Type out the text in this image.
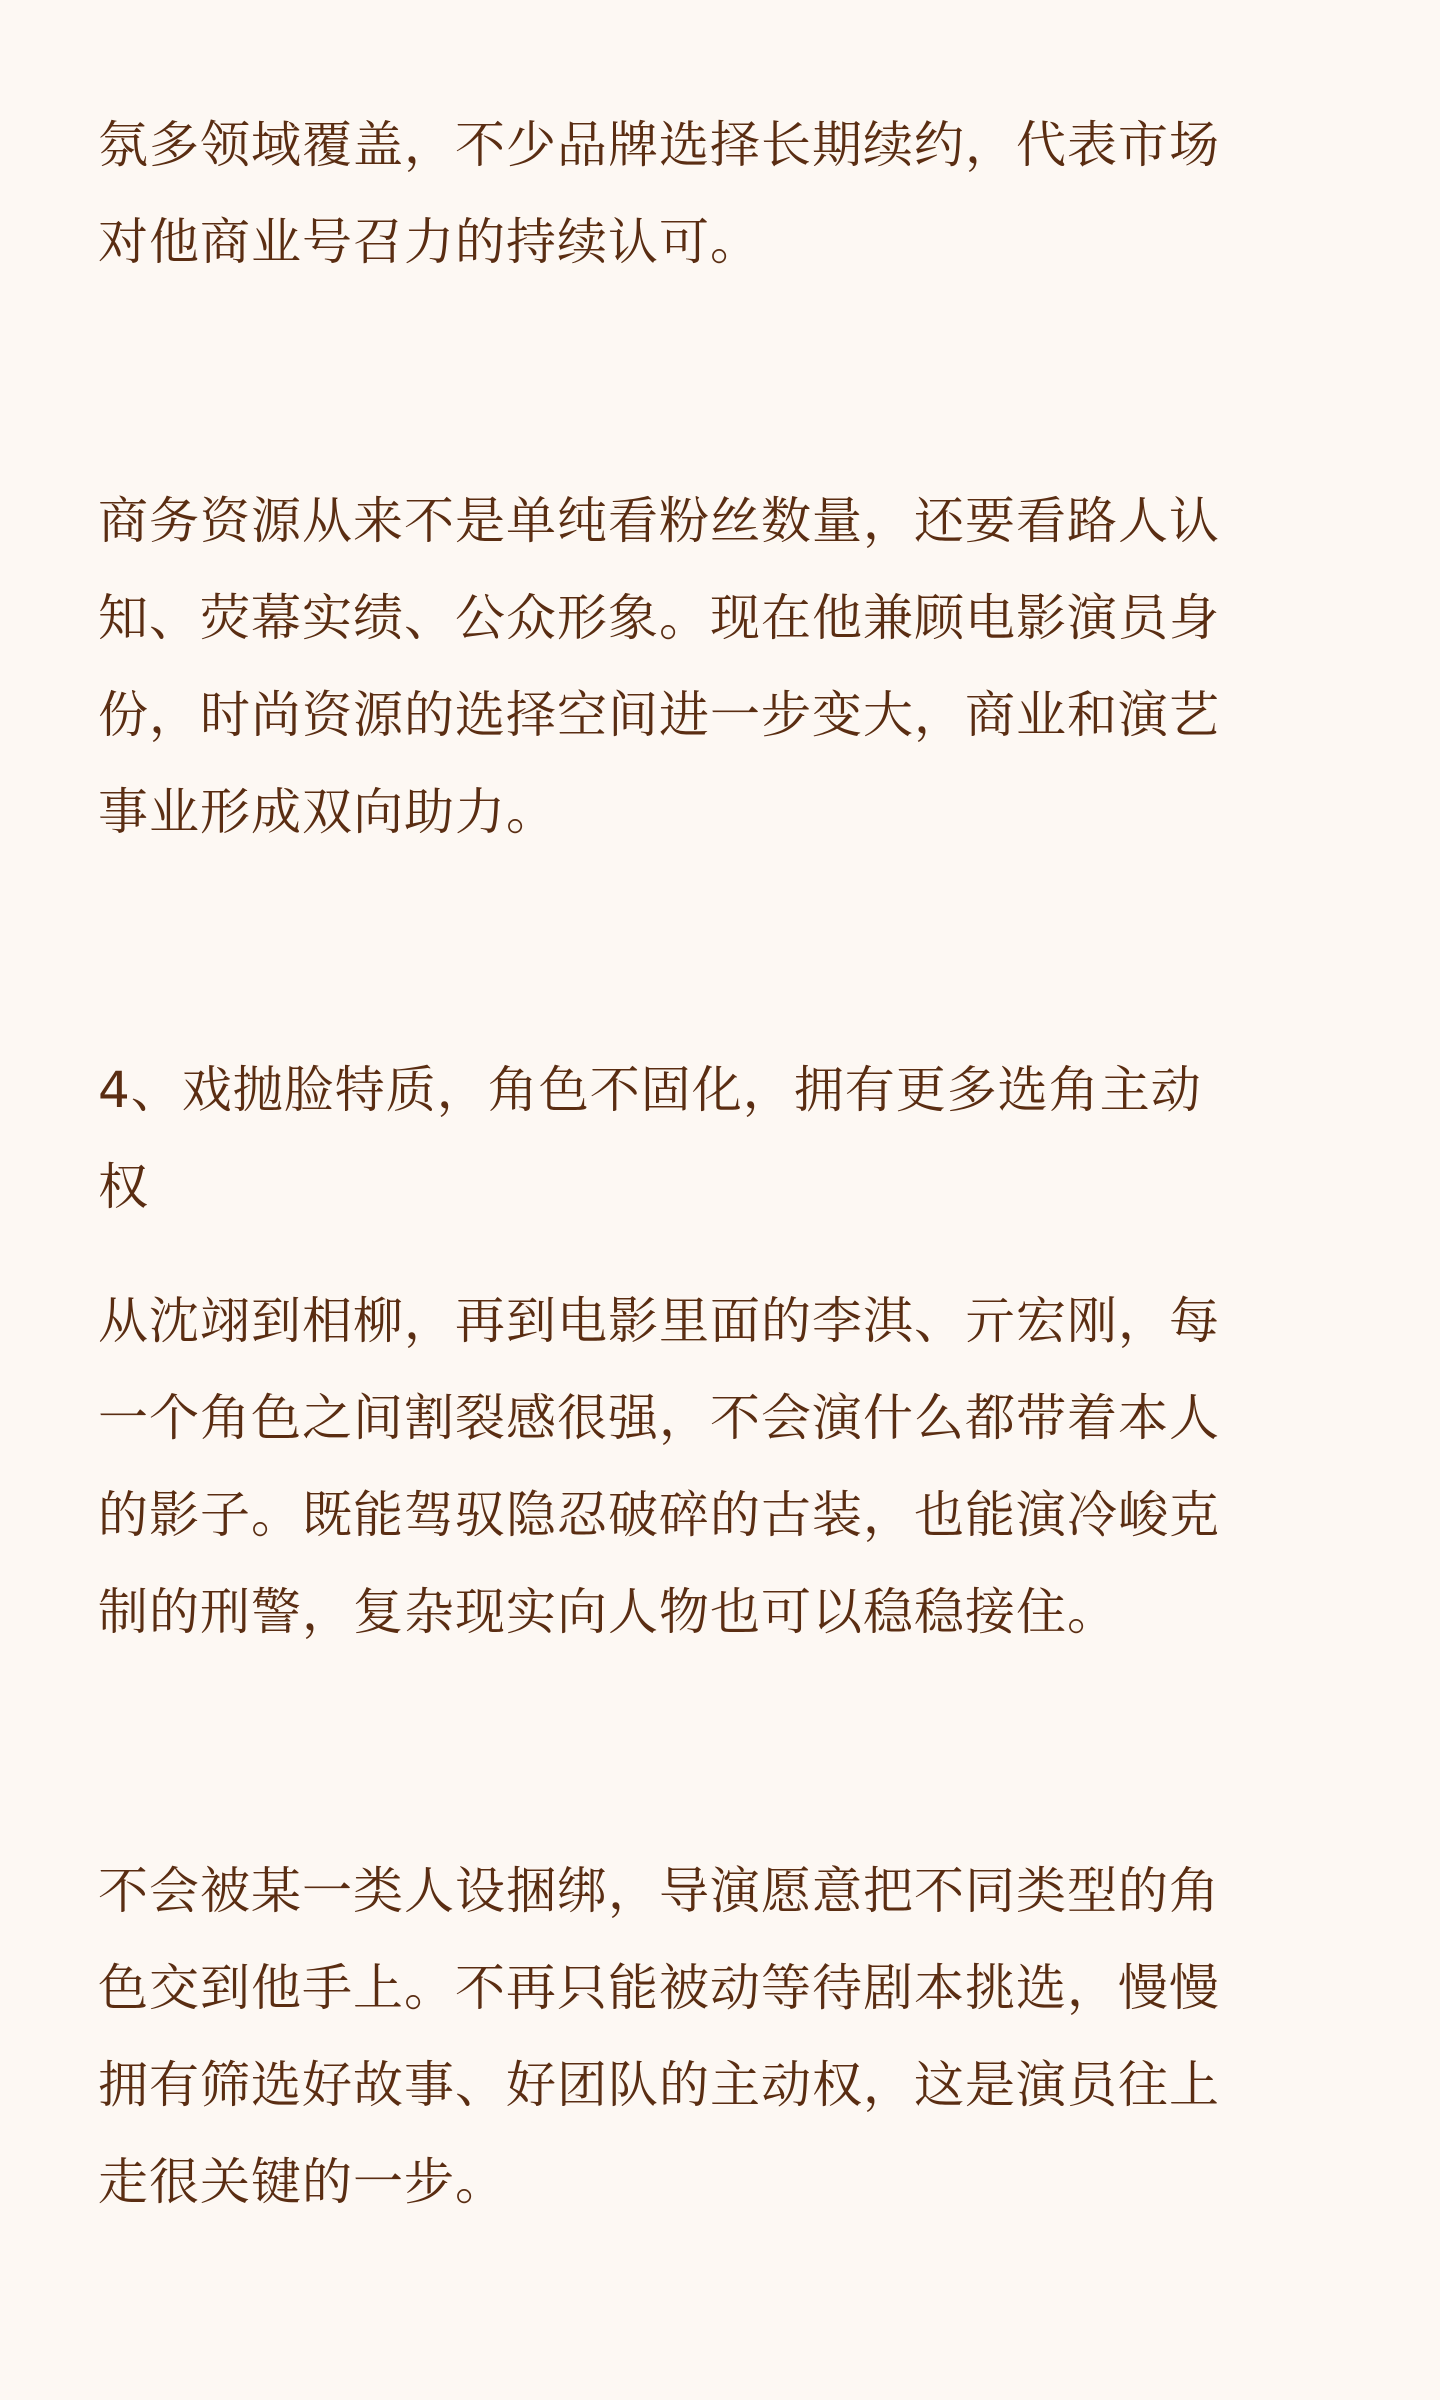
氛多领域覆盖，不少品牌选择长期续约，代表市场
对他商业号召力的持续认可。

商务资源从来不是单纯看粉丝数量，还要看路人认
知、荧幕实绩、公众形象。现在他兼顾电影演员身
份，时尚资源的选择空间进一步变大，商业和演艺
事业形成双向助力。

4、戏抛脸特质，角色不固化，拥有更多选角主动
权

从沈翊到相柳，再到电影里面的李淇、亓宏刚，每
一个角色之间割裂感很强，不会演什么都带着本人
的影子。既能驾驭隐忍破碎的古装，也能演冷峻克
制的刑警，复杂现实向人物也可以稳稳接住。

不会被某一类人设捆绑，导演愿意把不同类型的角
色交到他手上。不再只能被动等待剧本挑选，慢慢
拥有筛选好故事、好团队的主动权，这是演员往上
走很关键的一步。
